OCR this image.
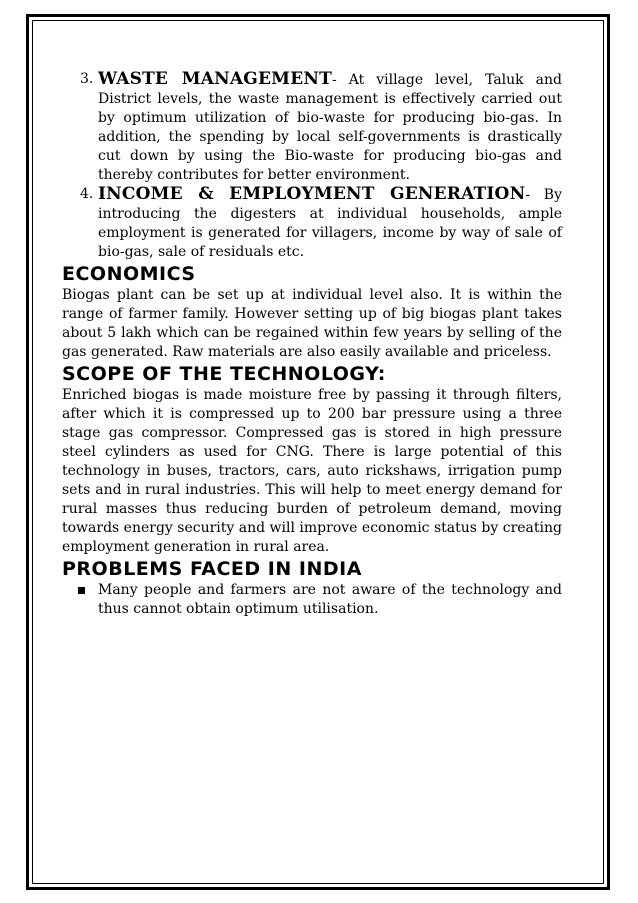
3. WASTE MANAGEMENT- At village level, Taluk and District levels, the waste management is effectively carried out by optimum utilization of bio-waste for producing bio-gas. In addition, the spending by local self-governments is drastically cut down by using the Bio-waste for producing bio-gas and thereby contributes for better environment.
4. INCOME & EMPLOYMENT GENERATION- By introducing the digesters at individual households, ample employment is generated for villagers, income by way of sale of bio-gas, sale of residuals etc.
ECONOMICS

Biogas plant can be set up at individual level also. It is within the range of farmer family. However setting up of big biogas plant takes about 5 lakh which can be regained within few years by selling of the gas generated. Raw materials are also easily available and priceless.

SCOPE OF THE TECHNOLOGY:

Enriched biogas is made moisture free by passing it through filters, after which it is compressed up to 200 bar pressure using a three stage gas compressor. Compressed gas is stored in high pressure steel cylinders as used for CNG. There is large potential of this technology in buses, tractors, cars, auto rickshaws, irrigation pump sets and in rural industries. This will help to meet energy demand for rural masses thus reducing burden of petroleum demand, moving towards energy security and will improve economic status by creating employment generation in rural area.

PROBLEMS FACED IN INDIA
Many people and farmers are not aware of the technology and thus cannot obtain optimum utilisation.
